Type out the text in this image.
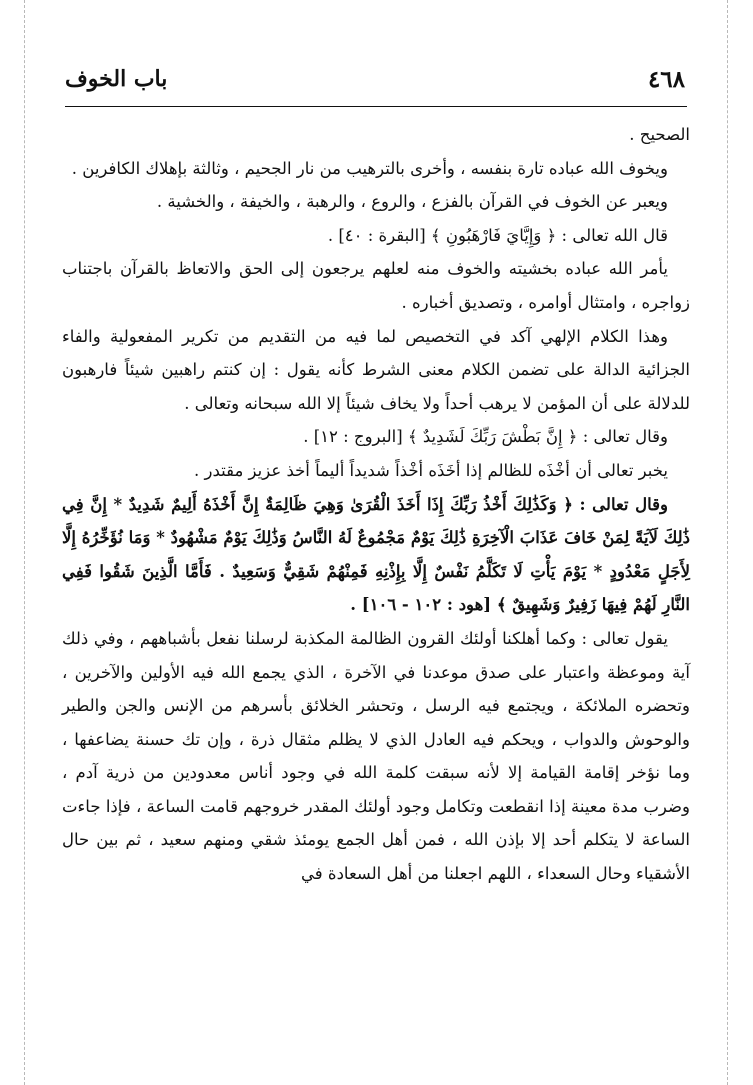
٤٦٨
باب الخوف

الصحيح .

ويخوف الله عباده تارة بنفسه ، وأخرى بالترهيب من نار الجحيم ، وثالثة بإهلاك الكافرين .

ويعبر عن الخوف في القرآن بالفزع ، والروع ، والرهبة ، والخيفة ، والخشية .

قال الله تعالى : ﴿ وَإِيَّايَ فَارْهَبُونِ ﴾ [البقرة : ٤٠] .

يأمر الله عباده بخشيته والخوف منه لعلهم يرجعون إلى الحق والاتعاظ بالقرآن باجتناب زواجره ، وامتثال أوامره ، وتصديق أخباره .

وهذا الكلام الإلهي آكد في التخصيص لما فيه من التقديم من تكرير المفعولية والفاء الجزائية الدالة على تضمن الكلام معنى الشرط كأنه يقول : إن كنتم راهبين شيئاً فارهبون للدلالة على أن المؤمن لا يرهب أحداً ولا يخاف شيئاً إلا الله سبحانه وتعالى .

وقال تعالى : ﴿ إِنَّ بَطْشَ رَبِّكَ لَشَدِيدٌ ﴾ [البروج : ١٢] .

يخبر تعالى أن أخْذَه للظالم إذا أخَذَه أخْذاً شديداً أليماً أخذ عزيز مقتدر .

وقال تعالى : ﴿ وَكَذَٰلِكَ أَخْذُ رَبِّكَ إِذَا أَخَذَ الْقُرَىٰ وَهِيَ ظَالِمَةٌ إِنَّ أَخْذَهُ أَلِيمٌ شَدِيدٌ * إِنَّ فِي ذَٰلِكَ لَآيَةً لِمَنْ خَافَ عَذَابَ الْآخِرَةِ ذَٰلِكَ يَوْمٌ مَجْمُوعٌ لَهُ النَّاسُ وَذَٰلِكَ يَوْمٌ مَشْهُودٌ * وَمَا نُؤَخِّرُهُ إِلَّا لِأَجَلٍ مَعْدُودٍ * يَوْمَ يَأْتِ لَا تَكَلَّمُ نَفْسٌ إِلَّا بِإِذْنِهِ فَمِنْهُمْ شَقِيٌّ وَسَعِيدٌ . فَأَمَّا الَّذِينَ شَقُوا فَفِي النَّارِ لَهُمْ فِيهَا زَفِيرٌ وَشَهِيقٌ ﴾ [هود : ١٠٢ - ١٠٦] .

يقول تعالى : وكما أهلكنا أولئك القرون الظالمة المكذبة لرسلنا نفعل بأشباههم ، وفي ذلك آية وموعظة واعتبار على صدق موعدنا في الآخرة ، الذي يجمع الله فيه الأولين والآخرين ، وتحضره الملائكة ، ويجتمع فيه الرسل ، وتحشر الخلائق بأسرهم من الإنس والجن والطير والوحوش والدواب ، ويحكم فيه العادل الذي لا يظلم مثقال ذرة ، وإن تك حسنة يضاعفها ، وما نؤخر إقامة القيامة إلا لأنه سبقت كلمة الله في وجود أناس معدودين من ذرية آدم ، وضرب مدة معينة إذا انقطعت وتكامل وجود أولئك المقدر خروجهم قامت الساعة ، فإذا جاءت الساعة لا يتكلم أحد إلا بإذن الله ، فمن أهل الجمع يومئذ شقي ومنهم سعيد ، ثم بين حال الأشقياء وحال السعداء ، اللهم اجعلنا من أهل السعادة في
